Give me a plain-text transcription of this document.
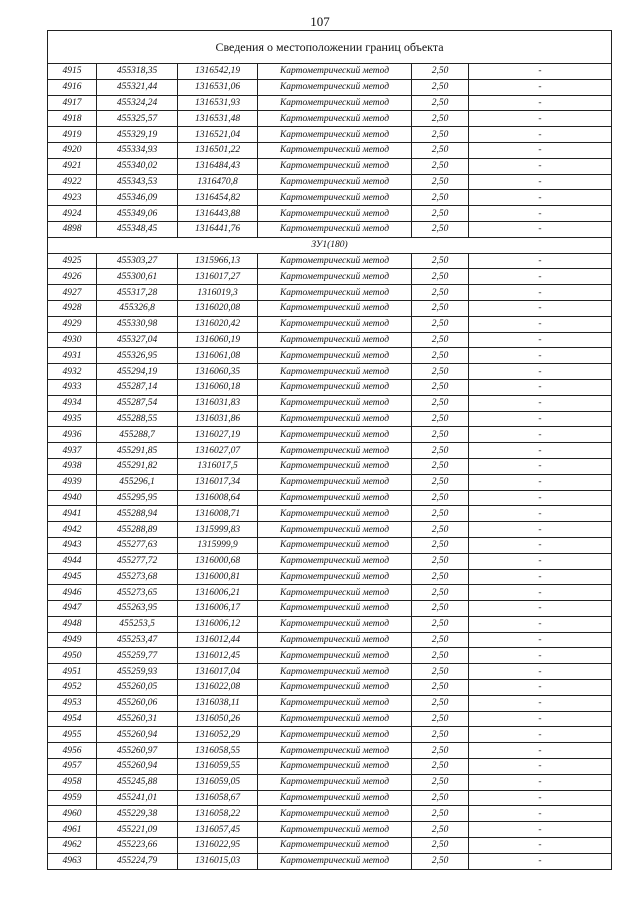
107
Сведения о местоположении границ объекта					
4915	455318,35	1316542,19	Картометрический метод	2,50	-
4916	455321,44	1316531,06	Картометрический метод	2,50	-
4917	455324,24	1316531,93	Картометрический метод	2,50	-
4918	455325,57	1316531,48	Картометрический метод	2,50	-
4919	455329,19	1316521,04	Картометрический метод	2,50	-
4920	455334,93	1316501,22	Картометрический метод	2,50	-
4921	455340,02	1316484,43	Картометрический метод	2,50	-
4922	455343,53	1316470,8	Картометрический метод	2,50	-
4923	455346,09	1316454,82	Картометрический метод	2,50	-
4924	455349,06	1316443,88	Картометрический метод	2,50	-
4898	455348,45	1316441,76	Картометрический метод	2,50	-
ЗУ1(180)					
4925	455303,27	1315966,13	Картометрический метод	2,50	-
4926	455300,61	1316017,27	Картометрический метод	2,50	-
4927	455317,28	1316019,3	Картометрический метод	2,50	-
4928	455326,8	1316020,08	Картометрический метод	2,50	-
4929	455330,98	1316020,42	Картометрический метод	2,50	-
4930	455327,04	1316060,19	Картометрический метод	2,50	-
4931	455326,95	1316061,08	Картометрический метод	2,50	-
4932	455294,19	1316060,35	Картометрический метод	2,50	-
4933	455287,14	1316060,18	Картометрический метод	2,50	-
4934	455287,54	1316031,83	Картометрический метод	2,50	-
4935	455288,55	1316031,86	Картометрический метод	2,50	-
4936	455288,7	1316027,19	Картометрический метод	2,50	-
4937	455291,85	1316027,07	Картометрический метод	2,50	-
4938	455291,82	1316017,5	Картометрический метод	2,50	-
4939	455296,1	1316017,34	Картометрический метод	2,50	-
4940	455295,95	1316008,64	Картометрический метод	2,50	-
4941	455288,94	1316008,71	Картометрический метод	2,50	-
4942	455288,89	1315999,83	Картометрический метод	2,50	-
4943	455277,63	1315999,9	Картометрический метод	2,50	-
4944	455277,72	1316000,68	Картометрический метод	2,50	-
4945	455273,68	1316000,81	Картометрический метод	2,50	-
4946	455273,65	1316006,21	Картометрический метод	2,50	-
4947	455263,95	1316006,17	Картометрический метод	2,50	-
4948	455253,5	1316006,12	Картометрический метод	2,50	-
4949	455253,47	1316012,44	Картометрический метод	2,50	-
4950	455259,77	1316012,45	Картометрический метод	2,50	-
4951	455259,93	1316017,04	Картометрический метод	2,50	-
4952	455260,05	1316022,08	Картометрический метод	2,50	-
4953	455260,06	1316038,11	Картометрический метод	2,50	-
4954	455260,31	1316050,26	Картометрический метод	2,50	-
4955	455260,94	1316052,29	Картометрический метод	2,50	-
4956	455260,97	1316058,55	Картометрический метод	2,50	-
4957	455260,94	1316059,55	Картометрический метод	2,50	-
4958	455245,88	1316059,05	Картометрический метод	2,50	-
4959	455241,01	1316058,67	Картометрический метод	2,50	-
4960	455229,38	1316058,22	Картометрический метод	2,50	-
4961	455221,09	1316057,45	Картометрический метод	2,50	-
4962	455223,66	1316022,95	Картометрический метод	2,50	-
4963	455224,79	1316015,03	Картометрический метод	2,50	-
